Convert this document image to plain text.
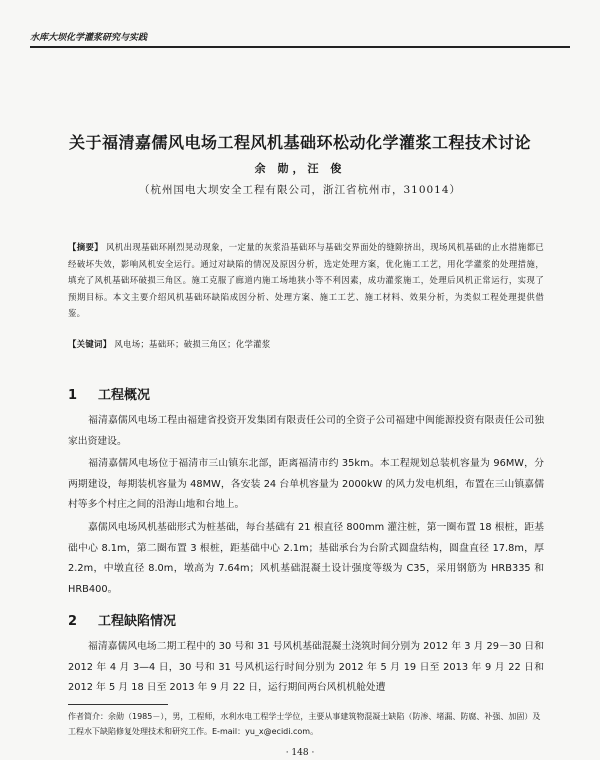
水库大坝化学灌浆研究与实践
关于福清嘉儒风电场工程风机基础环松动化学灌浆工程技术讨论
余 勋，汪 俊
（杭州国电大坝安全工程有限公司，浙江省杭州市，310014）
【摘要】 风机出现基础环剐烈晃动现象，一定量的灰浆沿基础环与基础交界面处的缝隙挤出，现场风机基础的止水措施都已经破坏失效，影响风机安全运行。通过对缺陷的情况及原因分析，选定处理方案，优化施工工艺，用化学灌浆的处理措施，填充了风机基础环破损三角区。施工克服了廊道内施工场地狭小等不利因素，成功灌浆施工，处理后风机正常运行，实现了预期目标。本文主要介绍风机基础环缺陷成因分析、处理方案、施工工艺、施工材料、效果分析，为类似工程处理提供借鉴。
【关键词】 风电场；基础环；破损三角区；化学灌浆
1 工程概况
福清嘉儒风电场工程由福建省投资开发集团有限责任公司的全资子公司福建中闽能源投资有限责任公司独家出资建设。
福清嘉儒风电场位于福清市三山镇东北部，距离福清市约 35km。本工程规划总装机容量为 96MW，分两期建设，每期装机容量为 48MW，各安装 24 台单机容量为 2000kW 的风力发电机组，布置在三山镇嘉儒村等多个村庄之间的沿海山地和台地上。
嘉儒风电场风机基础形式为桩基础，每台基础有 21 根直径 800mm 灌注桩，第一圈布置 18 根桩，距基础中心 8.1m，第二圈布置 3 根桩，距基础中心 2.1m；基础承台为台阶式圆盘结构，圆盘直径 17.8m，厚 2.2m，中墩直径 8.0m，墩高为 7.64m；风机基础混凝土设计强度等级为 C35，采用钢筋为 HRB335 和 HRB400。
2 工程缺陷情况
福清嘉儒风电场二期工程中的 30 号和 31 号风机基础混凝土浇筑时间分别为 2012 年 3 月 29－30 日和 2012 年 4 月 3—4 日，30 号和 31 号风机运行时间分别为 2012 年 5 月 19 日至 2013 年 9 月 22 日和 2012 年 5 月 18 日至 2013 年 9 月 22 日，运行期间两台风机机舱处遭
作者简介：余勋（1985－），男，工程师，水利水电工程学士学位，主要从事建筑物混凝土缺陷（防渗、堵漏、防腐、补强、加固）及工程水下缺陷修复处理技术和研究工作。E-mail：yu_x@ecidi.com。
· 148 ·
